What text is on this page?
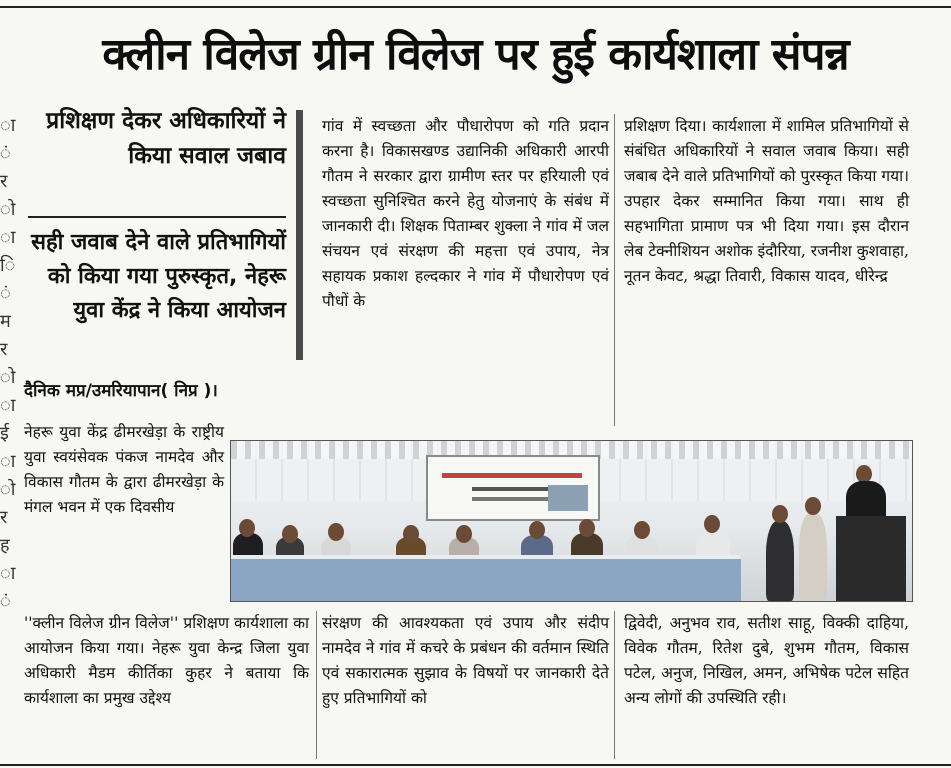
क्लीन विलेज ग्रीन विलेज पर हुई कार्यशाला संपन्न
ा ं र ो ा ि ं म र ो ा ई ा ो र ह ा ं
प्रशिक्षण देकर अधिकारियों ने किया सवाल जबाव
सही जवाब देने वाले प्रतिभागियों को किया गया पुरुस्कृत, नेहरू युवा केंद्र ने किया आयोजन
दैनिक मप्र/उमरियापान( निप्र )।
नेहरू युवा केंद्र ढीमरखेड़ा के राष्ट्रीय युवा स्वयंसेवक पंकज नामदेव और विकास गौतम के द्वारा ढीमरखेड़ा के मंगल भवन में एक दिवसीय
''क्लीन विलेज ग्रीन विलेज'' प्रशिक्षण कार्यशाला का आयोजन किया गया। नेहरू युवा केन्द्र जिला युवा अधिकारी मैडम कीर्तिका कुहर ने बताया कि कार्यशाला का प्रमुख उद्देश्य
गांव में स्वच्छता और पौधारोपण को गति प्रदान करना है। विकासखण्ड उद्यानिकी अधिकारी आरपी गौतम ने सरकार द्वारा ग्रामीण स्तर पर हरियाली एवं स्वच्छता सुनिश्चित करने हेतु योजनाएं के संबंध में जानकारी दी। शिक्षक पिताम्बर शुक्ला ने गांव में जल संचयन एवं संरक्षण की महत्ता एवं उपाय, नेत्र सहायक प्रकाश हल्दकार ने गांव में पौधारोपण एवं पौधों के
संरक्षण की आवश्यकता एवं उपाय और संदीप नामदेव ने गांव में कचरे के प्रबंधन की वर्तमान स्थिति एवं सकारात्मक सुझाव के विषयों पर जानकारी देते हुए प्रतिभागियों को
प्रशिक्षण दिया। कार्यशाला में शामिल प्रतिभागियों से संबंधित अधिकारियों ने सवाल जवाब किया। सही जबाब देने वाले प्रतिभागियों को पुरस्कृत किया गया। उपहार देकर सम्मानित किया गया। साथ ही सहभागिता प्रामाण पत्र भी दिया गया। इस दौरान लेब टेक्नीशियन अशोक इंदौरिया, रजनीश कुशवाहा, नूतन केवट, श्रद्धा तिवारी, विकास यादव, धीरेन्द्र
द्विवेदी, अनुभव राव, सतीश साहू, विक्की दाहिया, विवेक गौतम, रितेश दुबे, शुभम गौतम, विकास पटेल, अनुज, निखिल, अमन, अभिषेक पटेल सहित अन्य लोगों की उपस्थिति रही।
